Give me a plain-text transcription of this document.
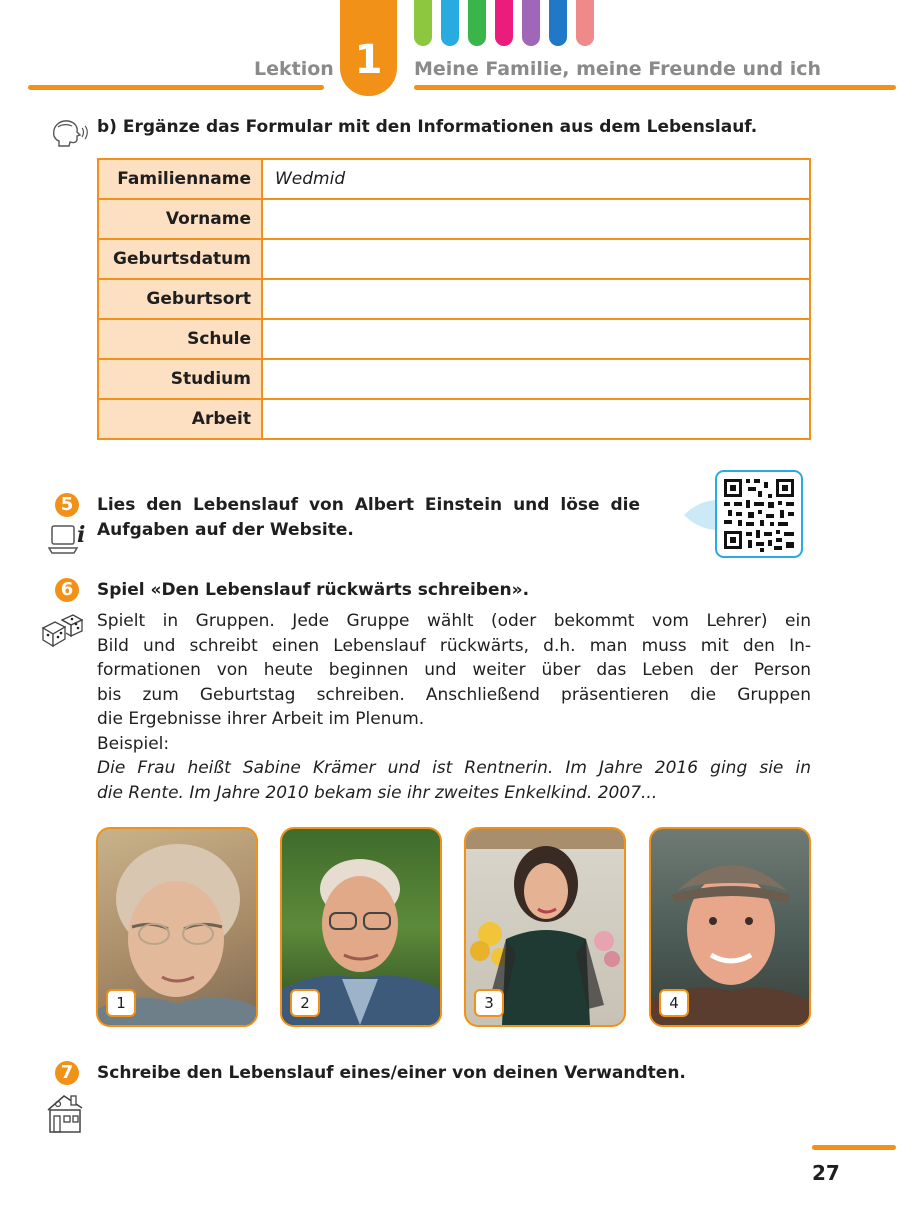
Lektion 1	Meine Familie, meine Freunde und ich
b) Ergänze das Formular mit den Informationen aus dem Lebenslauf.
Familienname	Wedmid
Vorname	
Geburtsdatum	
Geburtsort	
Schule	
Studium	
Arbeit	
5
i
Lies den Lebenslauf von Albert Einstein und löse die
Aufgaben auf der Website.
6	Spiel «Den Lebenslauf rückwärts schreiben».
Spielt in Gruppen. Jede Gruppe wählt (oder bekommt vom Lehrer) ein
Bild und schreibt einen Lebenslauf rückwärts, d.h. man muss mit den In-
formationen von heute beginnen und weiter über das Leben der Person
bis zum Geburtstag schreiben. Anschließend präsentieren die Gruppen
die Ergebnisse ihrer Arbeit im Plenum.
Beispiel:
Die Frau heißt Sabine Krämer und ist Rentnerin. Im Jahre 2016 ging sie in
die Rente. Im Jahre 2010 bekam sie ihr zweites Enkelkind. 2007...
1	2	3	4
7	Schreibe den Lebenslauf eines/einer von deinen Verwandten.
27
